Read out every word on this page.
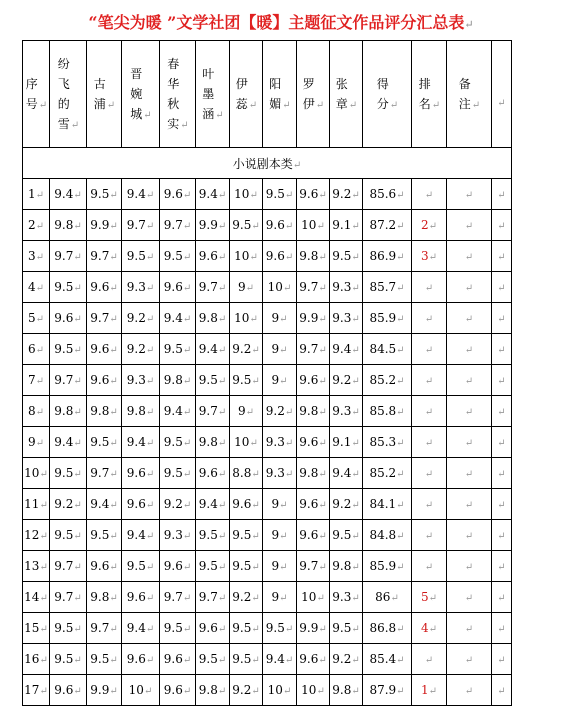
“笔尖为暖 ”文学社团【暖】主题征文作品评分汇总表↵
序号↵	纷飞的雪↵	古浦↵	晋婉城↵	春华秋实↵	叶墨涵↵	伊蕊↵	阳媚↵	罗伊↵	张章↵	得分↵	排名↵	备注↵	↵
小说剧本类↵													
1↵	9.4↵	9.5↵	9.4↵	9.6↵	9.4↵	10↵	9.5↵	9.6↵	9.2↵	85.6↵	↵	↵	↵
2↵	9.8↵	9.9↵	9.7↵	9.7↵	9.9↵	9.5↵	9.6↵	10↵	9.1↵	87.2↵	2↵	↵	↵
3↵	9.7↵	9.7↵	9.5↵	9.5↵	9.6↵	10↵	9.6↵	9.8↵	9.5↵	86.9↵	3↵	↵	↵
4↵	9.5↵	9.6↵	9.3↵	9.6↵	9.7↵	9↵	10↵	9.7↵	9.3↵	85.7↵	↵	↵	↵
5↵	9.6↵	9.7↵	9.2↵	9.4↵	9.8↵	10↵	9↵	9.9↵	9.3↵	85.9↵	↵	↵	↵
6↵	9.5↵	9.6↵	9.2↵	9.5↵	9.4↵	9.2↵	9↵	9.7↵	9.4↵	84.5↵	↵	↵	↵
7↵	9.7↵	9.6↵	9.3↵	9.8↵	9.5↵	9.5↵	9↵	9.6↵	9.2↵	85.2↵	↵	↵	↵
8↵	9.8↵	9.8↵	9.8↵	9.4↵	9.7↵	9↵	9.2↵	9.8↵	9.3↵	85.8↵	↵	↵	↵
9↵	9.4↵	9.5↵	9.4↵	9.5↵	9.8↵	10↵	9.3↵	9.6↵	9.1↵	85.3↵	↵	↵	↵
10↵	9.5↵	9.7↵	9.6↵	9.5↵	9.6↵	8.8↵	9.3↵	9.8↵	9.4↵	85.2↵	↵	↵	↵
11↵	9.2↵	9.4↵	9.6↵	9.2↵	9.4↵	9.6↵	9↵	9.6↵	9.2↵	84.1↵	↵	↵	↵
12↵	9.5↵	9.5↵	9.4↵	9.3↵	9.5↵	9.5↵	9↵	9.6↵	9.5↵	84.8↵	↵	↵	↵
13↵	9.7↵	9.6↵	9.5↵	9.6↵	9.5↵	9.5↵	9↵	9.7↵	9.8↵	85.9↵	↵	↵	↵
14↵	9.7↵	9.8↵	9.6↵	9.7↵	9.7↵	9.2↵	9↵	10↵	9.3↵	86↵	5↵	↵	↵
15↵	9.5↵	9.7↵	9.4↵	9.5↵	9.6↵	9.5↵	9.5↵	9.9↵	9.5↵	86.8↵	4↵	↵	↵
16↵	9.5↵	9.5↵	9.6↵	9.6↵	9.5↵	9.5↵	9.4↵	9.6↵	9.2↵	85.4↵	↵	↵	↵
17↵	9.6↵	9.9↵	10↵	9.6↵	9.8↵	9.2↵	10↵	10↵	9.8↵	87.9↵	1↵	↵	↵
